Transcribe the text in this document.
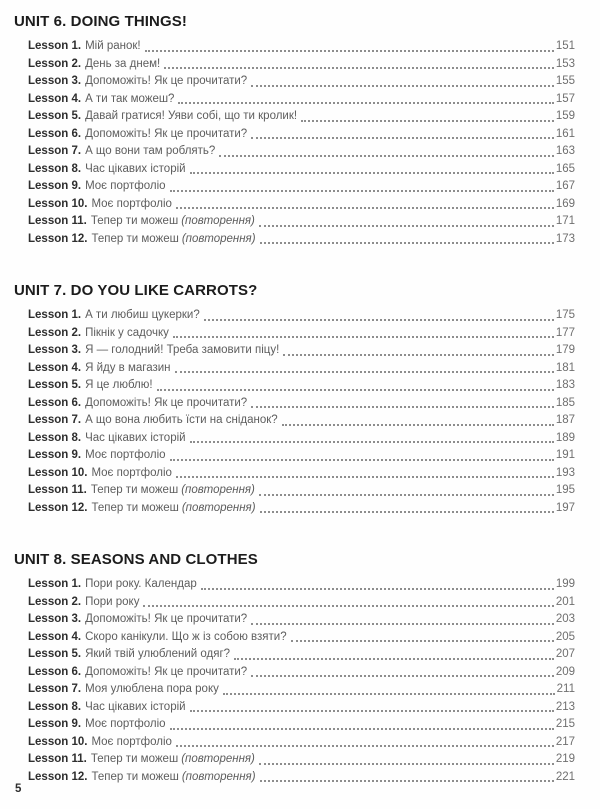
UNIT 6. DOING THINGS!
Lesson 1. Мій ранок!	151
Lesson 2. День за днем!	153
Lesson 3. Допоможіть! Як це прочитати?	155
Lesson 4. А ти так можеш?	157
Lesson 5. Давай гратися! Уяви собі, що ти кролик!	159
Lesson 6. Допоможіть! Як це прочитати?	161
Lesson 7. А що вони там роблять?	163
Lesson 8. Час цікавих історій	165
Lesson 9. Моє портфоліо	167
Lesson 10. Моє портфоліо	169
Lesson 11. Тепер ти можеш (повторення)	171
Lesson 12. Тепер ти можеш (повторення)	173
UNIT 7. DO YOU LIKE CARROTS?
Lesson 1. А ти любиш цукерки?	175
Lesson 2. Пікнік у садочку	177
Lesson 3. Я — голодний! Треба замовити піцу!	179
Lesson 4. Я йду в магазин	181
Lesson 5. Я це люблю!	183
Lesson 6. Допоможіть! Як це прочитати?	185
Lesson 7. А що вона любить їсти на сніданок?	187
Lesson 8. Час цікавих історій	189
Lesson 9. Моє портфоліо	191
Lesson 10. Моє портфоліо	193
Lesson 11. Тепер ти можеш (повторення)	195
Lesson 12. Тепер ти можеш (повторення)	197
UNIT 8. SEASONS AND CLOTHES
Lesson 1. Пори року. Календар	199
Lesson 2. Пори року	201
Lesson 3. Допоможіть! Як це прочитати?	203
Lesson 4. Скоро канікули. Що ж із собою взяти?	205
Lesson 5. Який твій улюблений одяг?	207
Lesson 6. Допоможіть! Як це прочитати?	209
Lesson 7. Моя улюблена пора року	211
Lesson 8. Час цікавих історій	213
Lesson 9. Моє портфоліо	215
Lesson 10. Моє портфоліо	217
Lesson 11. Тепер ти можеш (повторення)	219
Lesson 12. Тепер ти можеш (повторення)	221
5
